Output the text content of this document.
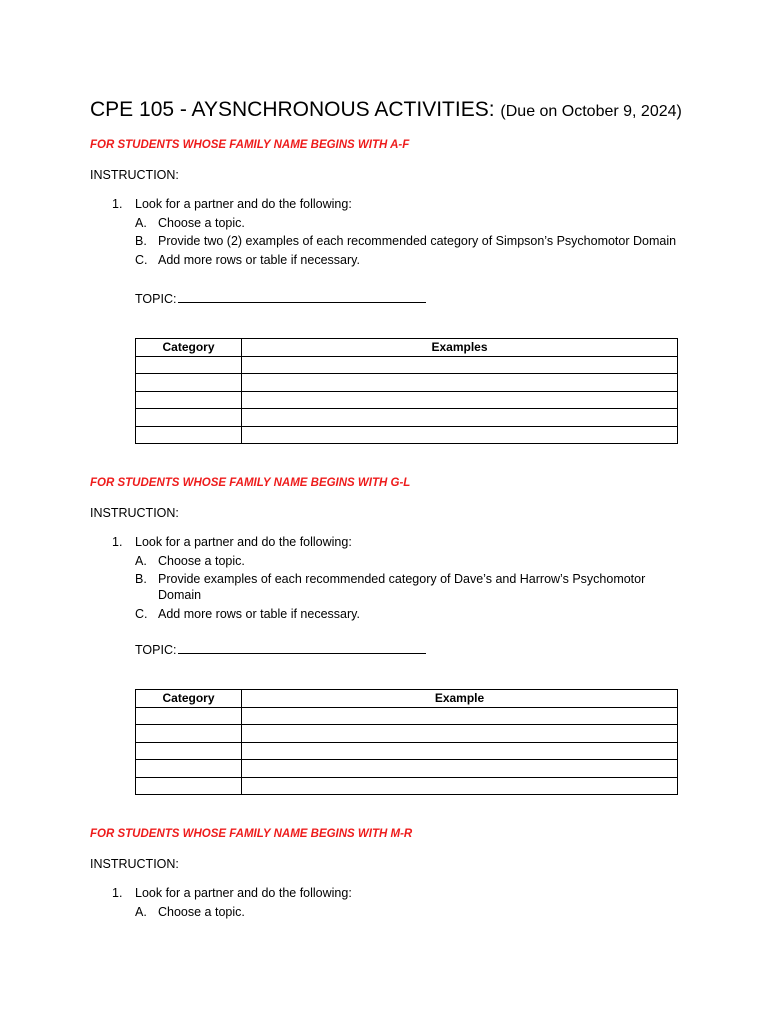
CPE 105 - AYSNCHRONOUS ACTIVITIES: (Due on October 9, 2024)
FOR STUDENTS WHOSE FAMILY NAME BEGINS WITH A-F
INSTRUCTION:
1. Look for a partner and do the following:
A. Choose a topic.
B. Provide two (2) examples of each recommended category of Simpson’s Psychomotor Domain
C. Add more rows or table if necessary.
TOPIC:
Category	Examples

FOR STUDENTS WHOSE FAMILY NAME BEGINS WITH G-L
INSTRUCTION:
1. Look for a partner and do the following:
A. Choose a topic.
B. Provide examples of each recommended category of Dave’s and Harrow’s Psychomotor
Domain
C. Add more rows or table if necessary.
TOPIC:
Category	Example

FOR STUDENTS WHOSE FAMILY NAME BEGINS WITH M-R
INSTRUCTION:
1. Look for a partner and do the following:
A. Choose a topic.
